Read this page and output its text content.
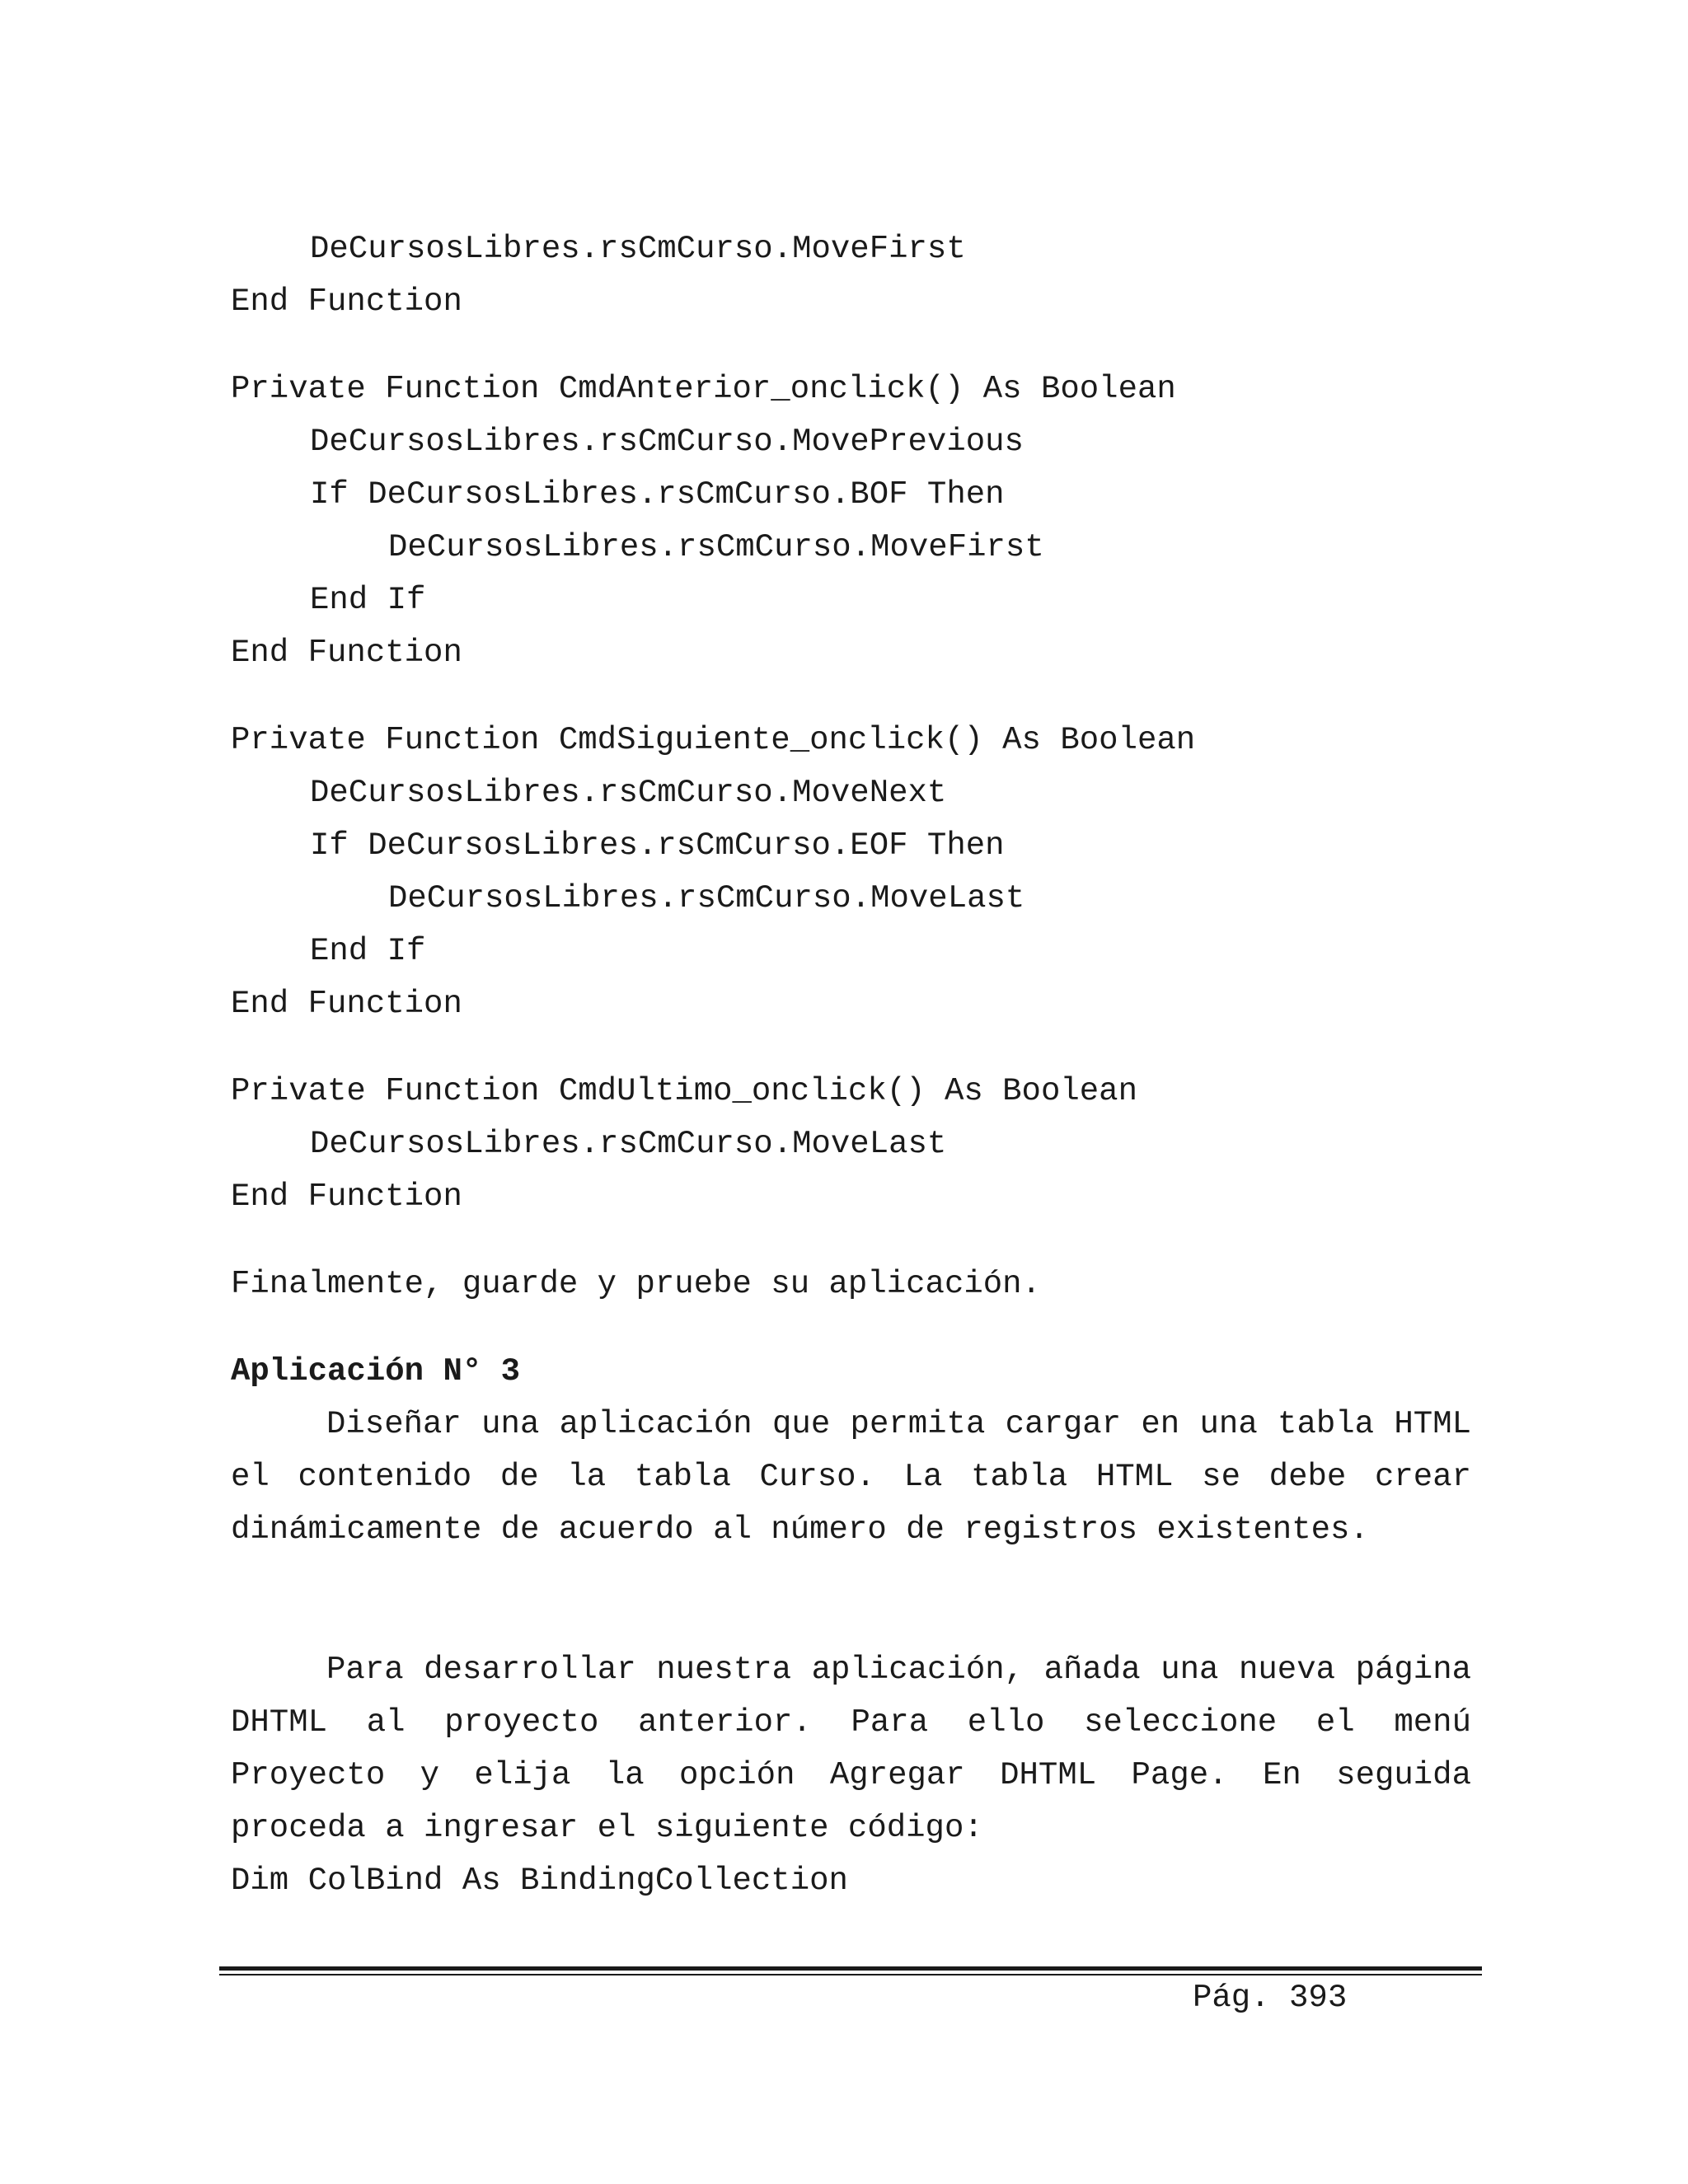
DeCursosLibres.rsCmCurso.MoveFirst
End Function
Private Function CmdAnterior_onclick() As Boolean
DeCursosLibres.rsCmCurso.MovePrevious
If DeCursosLibres.rsCmCurso.BOF Then
DeCursosLibres.rsCmCurso.MoveFirst
End If
End Function
Private Function CmdSiguiente_onclick() As Boolean
DeCursosLibres.rsCmCurso.MoveNext
If DeCursosLibres.rsCmCurso.EOF Then
DeCursosLibres.rsCmCurso.MoveLast
End If
End Function
Private Function CmdUltimo_onclick() As Boolean
DeCursosLibres.rsCmCurso.MoveLast
End Function
Finalmente, guarde y pruebe su aplicación.
Aplicación N° 3
Diseñar una aplicación que permita cargar en una tabla HTML el contenido de la tabla Curso. La tabla HTML se debe crear dinámicamente de acuerdo al número de registros existentes.
Para desarrollar nuestra aplicación, añada una nueva página DHTML al proyecto anterior. Para ello seleccione el menú Proyecto y elija la opción Agregar DHTML Page. En seguida proceda a ingresar el siguiente código:
Dim ColBind As BindingCollection
Pág. 393
